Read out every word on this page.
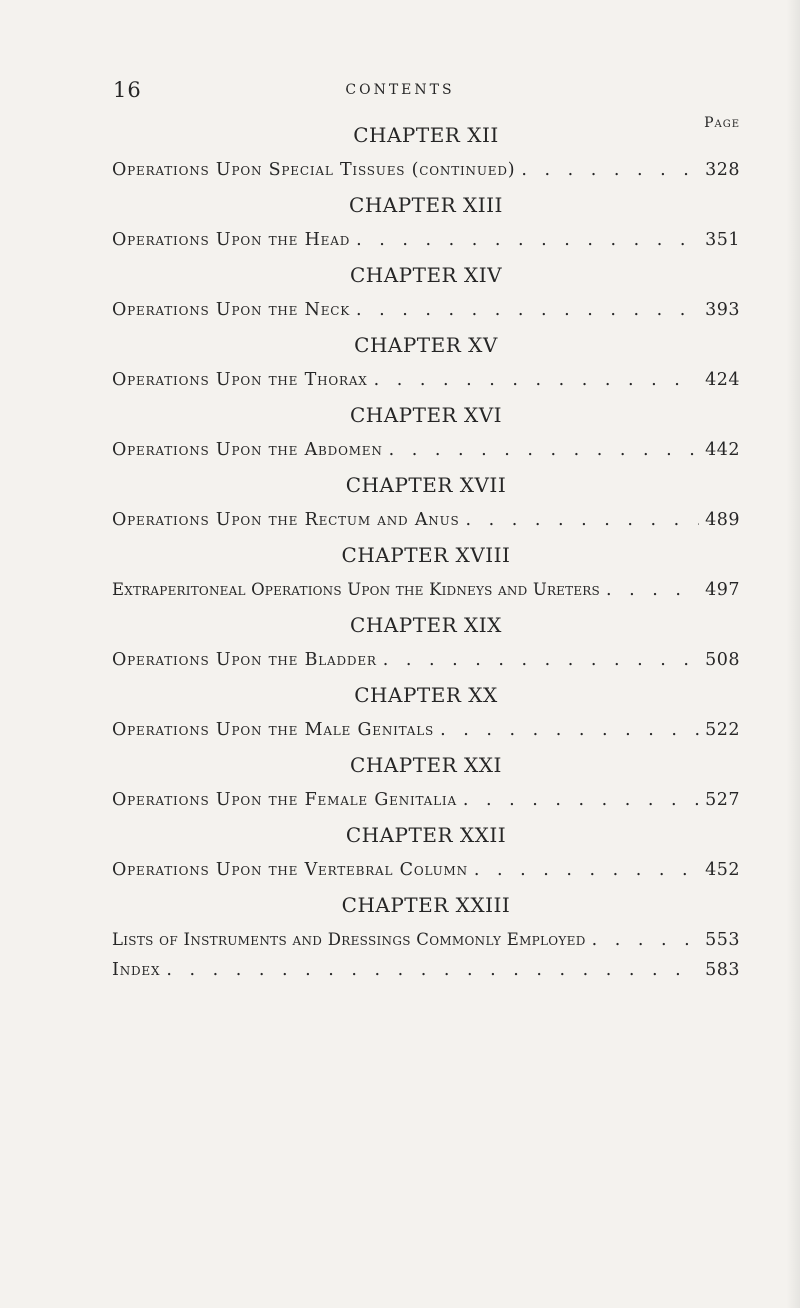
16	CONTENTS
Page
CHAPTER XII
Operations Upon Special Tissues (continued) . . .	328
CHAPTER XIII
Operations Upon the Head . . .	351
CHAPTER XIV
Operations Upon the Neck . . .	393
CHAPTER XV
Operations Upon the Thorax . . .	424
CHAPTER XVI
Operations Upon the Abdomen . . .	442
CHAPTER XVII
Operations Upon the Rectum and Anus . . .	489
CHAPTER XVIII
Extraperitoneal Operations Upon the Kidneys and Ureters . . .	497
CHAPTER XIX
Operations Upon the Bladder . . .	508
CHAPTER XX
Operations Upon the Male Genitals . . .	522
CHAPTER XXI
Operations Upon the Female Genitalia . . .	527
CHAPTER XXII
Operations Upon the Vertebral Column . . .	452
CHAPTER XXIII
Lists of Instruments and Dressings Commonly Employed . . .	553
Index . . .	583
